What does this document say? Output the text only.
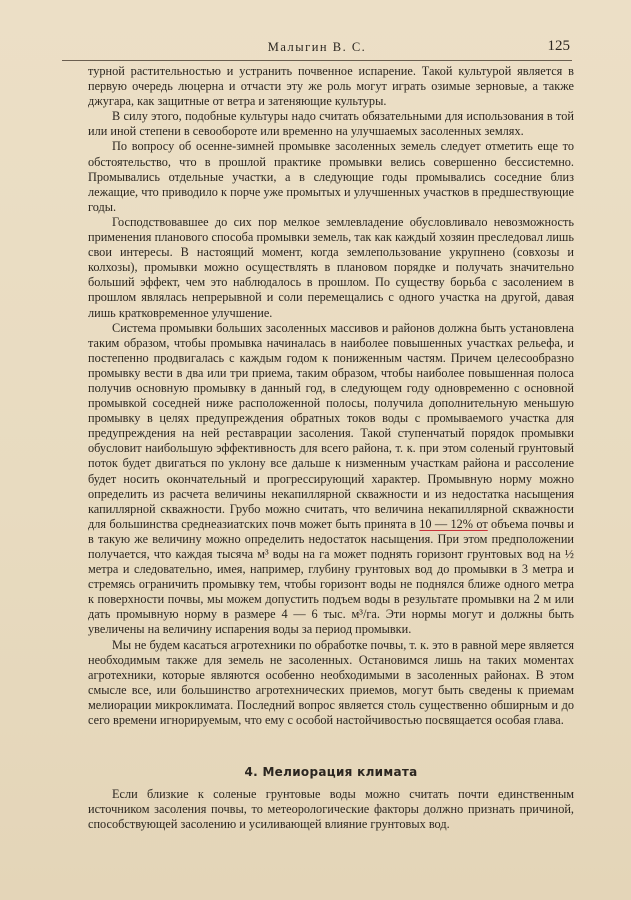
Малыгин В. С.	125

турной растительностью и устранить почвенное испарение. Такой культурой является в первую очередь люцерна и отчасти эту же роль могут играть озимые зерновые, а также джугара, как защитные от ветра и затеняющие культуры.

В силу этого, подобные культуры надо считать обязательными для использования в той или иной степени в севообороте или временно на улучшаемых засоленных землях.

По вопросу об осенне-зимней промывке засоленных земель следует отметить еще то обстоятельство, что в прошлой практике промывки велись совершенно бессистемно. Промывались отдельные участки, а в следующие годы промывались соседние близ лежащие, что приводило к порче уже промытых и улучшенных участков в предшествующие годы.

Господствовавшее до сих пор мелкое землевладение обусловливало невозможность применения планового способа промывки земель, так как каждый хозяин преследовал лишь свои интересы. В настоящий момент, когда землепользование укрупнено (совхозы и колхозы), промывки можно осуществлять в плановом порядке и получать значительно больший эффект, чем это наблюдалось в прошлом. По существу борьба с засолением в прошлом являлась непрерывной и соли перемещались с одного участка на другой, давая лишь кратковременное улучшение.

Система промывки больших засоленных массивов и районов должна быть установлена таким образом, чтобы промывка начиналась в наиболее повышенных участках рельефа, и постепенно продвигалась с каждым годом к пониженным частям. Причем целесообразно промывку вести в два или три приема, таким образом, чтобы наиболее повышенная полоса получив основную промывку в данный год, в следующем году одновременно с основной промывкой соседней ниже расположенной полосы, получила дополнительную меньшую промывку в целях предупреждения обратных токов воды с промываемого участка для предупреждения на ней реставрации засоления. Такой ступенчатый порядок промывки обусловит наибольшую эффективность для всего района, т. к. при этом соленый грунтовый поток будет двигаться по уклону все дальше к низменным участкам района и рассоление будет носить окончательный и прогрессирующий характер. Промывную норму можно определить из расчета величины некапиллярной скважности и из недостатка насыщения капиллярной скважности. Грубо можно считать, что величина некапиллярной скважности для большинства среднеазиатских почв может быть принята в 10 — 12% от объема почвы и в такую же величину можно определить недостаток насыщения. При этом предположении получается, что каждая тысяча м³ воды на га может поднять горизонт грунтовых вод на ½ метра и следовательно, имея, например, глубину грунтовых вод до промывки в 3 метра и стремясь ограничить промывку тем, чтобы горизонт воды не поднялся ближе одного метра к поверхности почвы, мы можем допустить подъем воды в результате промывки на 2 м или дать промывную норму в размере 4 — 6 тыс. м³/га. Эти нормы могут и должны быть увеличены на величину испарения воды за период промывки.

Мы не будем касаться агротехники по обработке почвы, т. к. это в равной мере является необходимым также для земель не засоленных. Остановимся лишь на таких моментах агротехники, которые являются особенно необходимыми в засоленных районах. В этом смысле все, или большинство агротехнических приемов, могут быть сведены к приемам мелиорации микроклимата. Последний вопрос является столь существенно обширным и до сего времени игнорируемым, что ему с особой настойчивостью посвящается особая глава.

4. Мелиорация климата

Если близкие к соленые грунтовые воды можно считать почти единственным источником засоления почвы, то метеорологические факторы должно признать причиной, способствующей засолению и усиливающей влияние грунтовых вод.
